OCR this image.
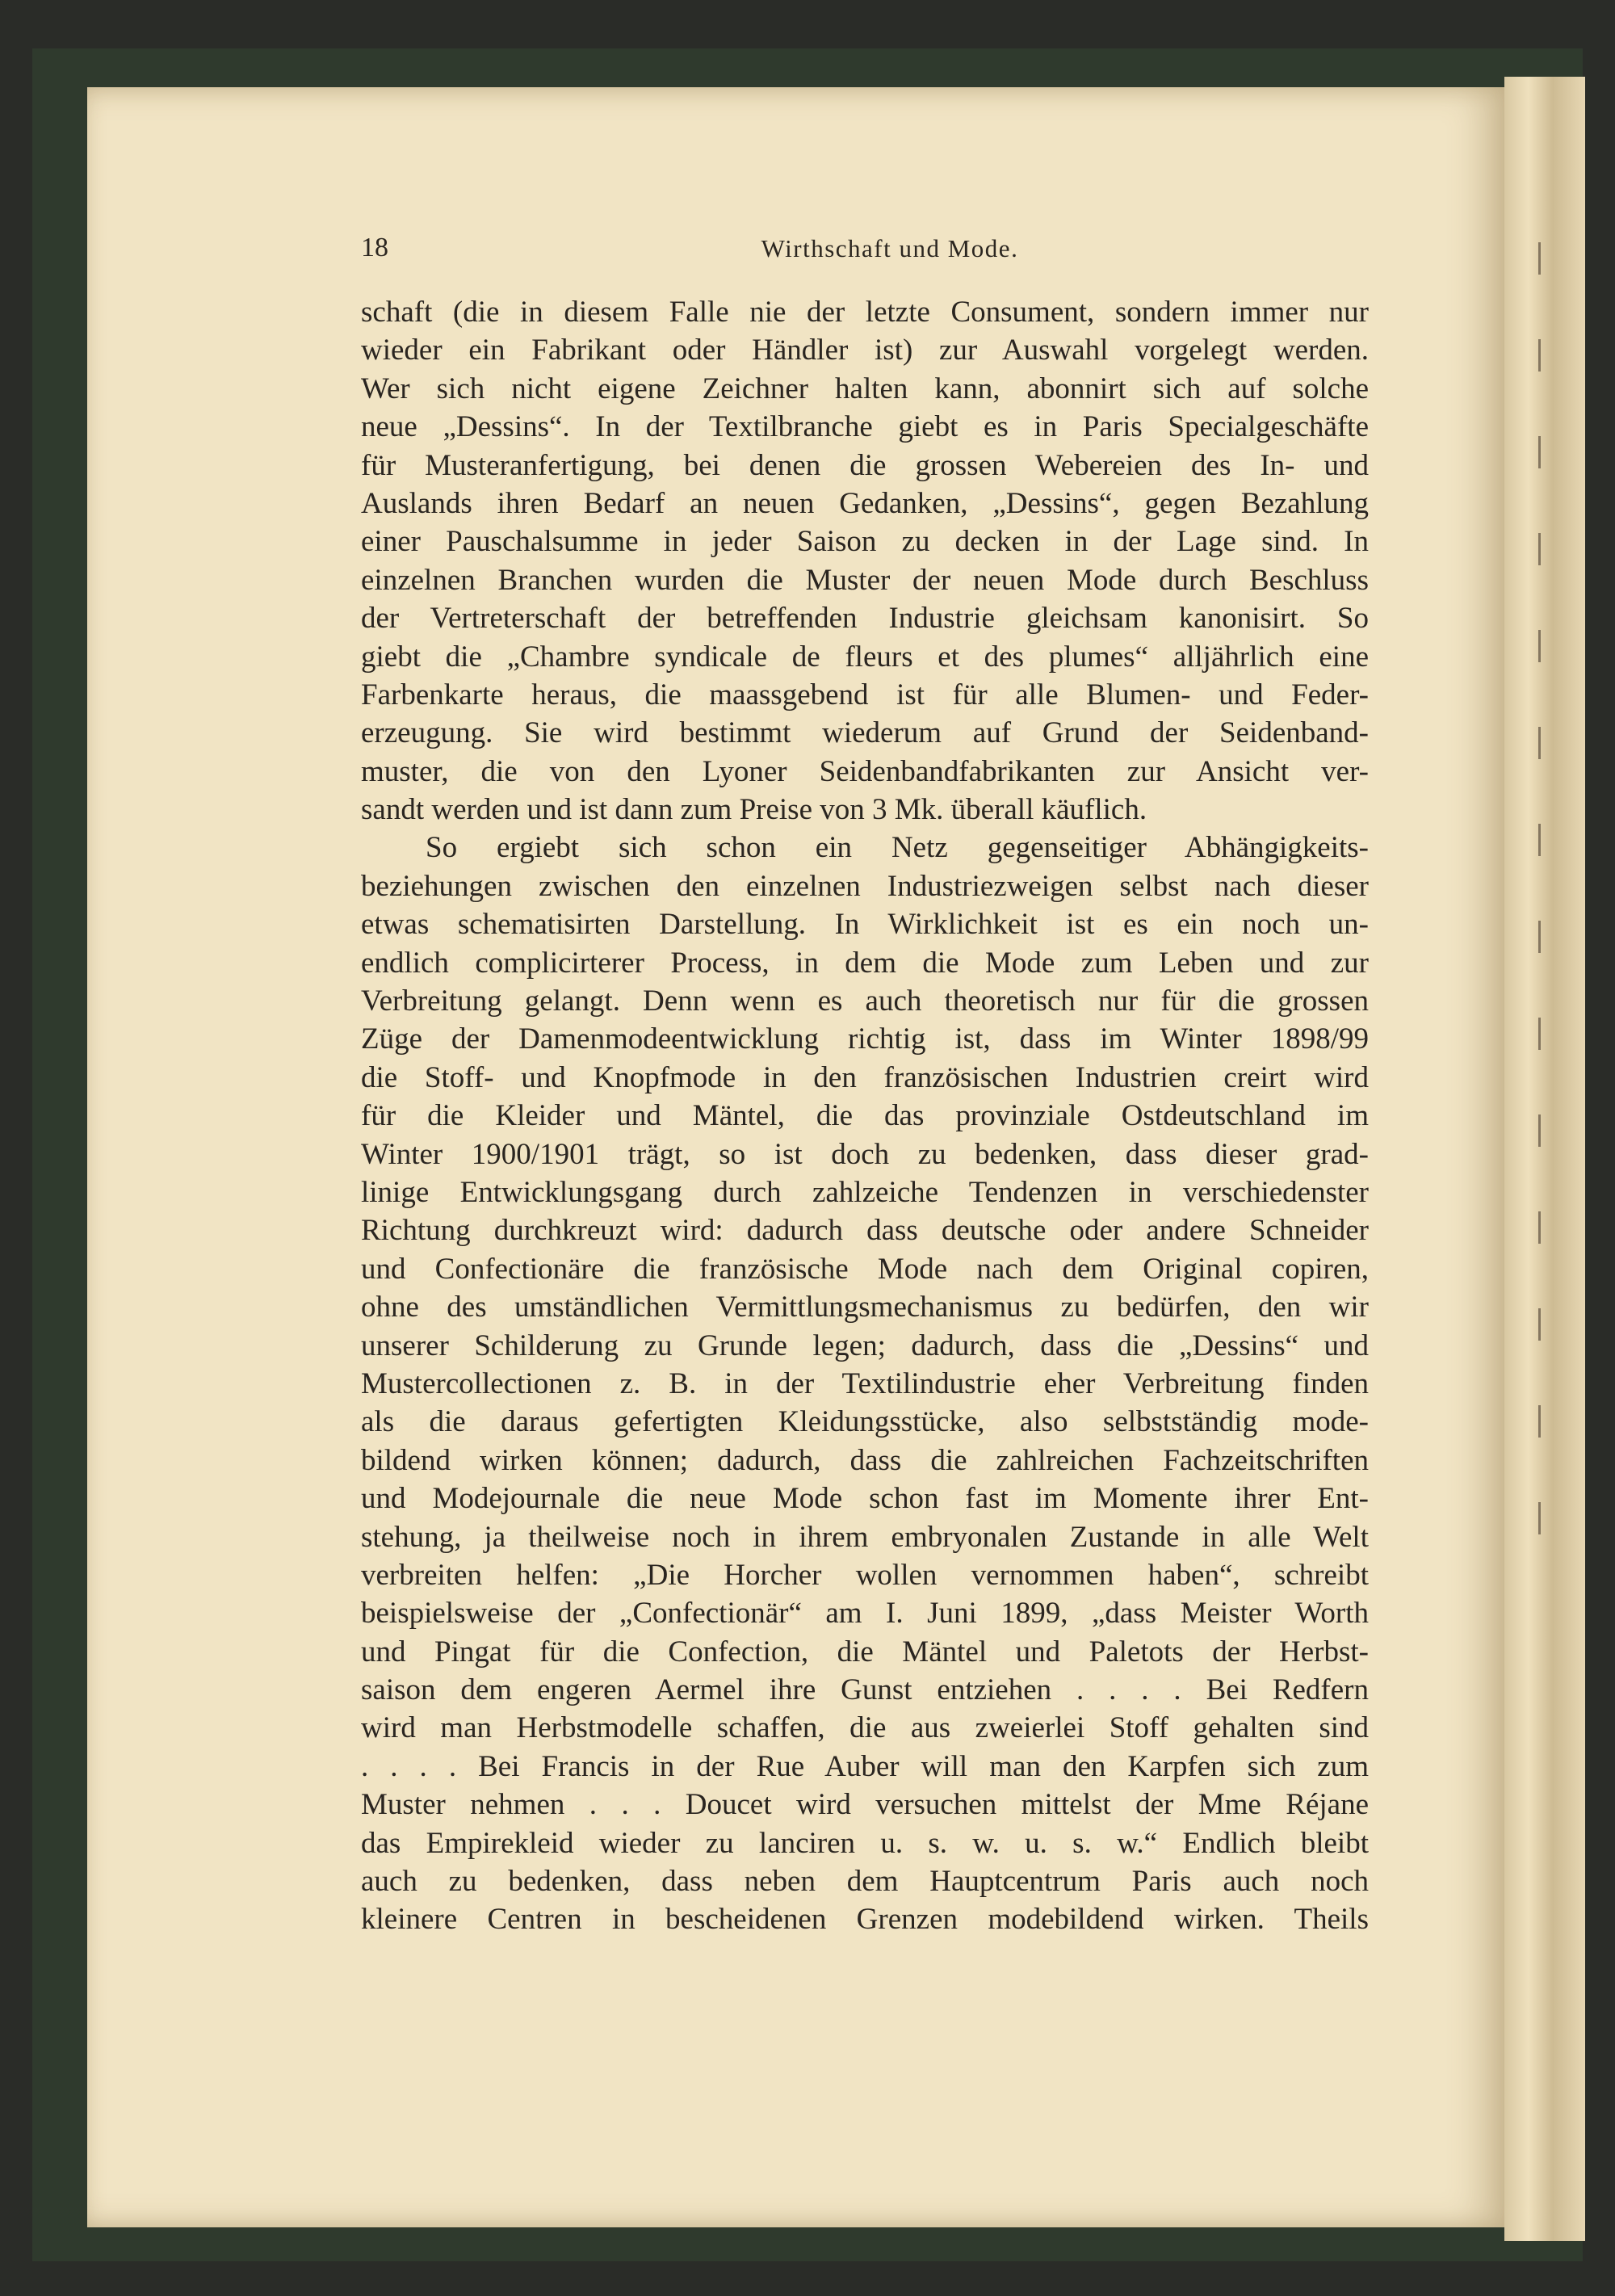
18	Wirthschaft und Mode.
schaft (die in diesem Falle nie der letzte Consument, sondern immer nur
wieder ein Fabrikant oder Händler ist) zur Auswahl vorgelegt werden.
Wer sich nicht eigene Zeichner halten kann, abonnirt sich auf solche
neue „Dessins“. In der Textilbranche giebt es in Paris Specialgeschäfte
für Musteranfertigung, bei denen die grossen Webereien des In- und
Auslands ihren Bedarf an neuen Gedanken, „Dessins“, gegen Bezahlung
einer Pauschalsumme in jeder Saison zu decken in der Lage sind. In
einzelnen Branchen wurden die Muster der neuen Mode durch Beschluss
der Vertreterschaft der betreffenden Industrie gleichsam kanonisirt. So
giebt die „Chambre syndicale de fleurs et des plumes“ alljährlich eine
Farbenkarte heraus, die maassgebend ist für alle Blumen- und Feder-
erzeugung. Sie wird bestimmt wiederum auf Grund der Seidenband-
muster, die von den Lyoner Seidenbandfabrikanten zur Ansicht ver-
sandt werden und ist dann zum Preise von 3 Mk. überall käuflich.
So ergiebt sich schon ein Netz gegenseitiger Abhängigkeits-
beziehungen zwischen den einzelnen Industriezweigen selbst nach dieser
etwas schematisirten Darstellung. In Wirklichkeit ist es ein noch un-
endlich complicirterer Process, in dem die Mode zum Leben und zur
Verbreitung gelangt. Denn wenn es auch theoretisch nur für die grossen
Züge der Damenmodeentwicklung richtig ist, dass im Winter 1898/99
die Stoff- und Knopfmode in den französischen Industrien creirt wird
für die Kleider und Mäntel, die das provinziale Ostdeutschland im
Winter 1900/1901 trägt, so ist doch zu bedenken, dass dieser grad-
linige Entwicklungsgang durch zahlzeiche Tendenzen in verschiedenster
Richtung durchkreuzt wird: dadurch dass deutsche oder andere Schneider
und Confectionäre die französische Mode nach dem Original copiren,
ohne des umständlichen Vermittlungsmechanismus zu bedürfen, den wir
unserer Schilderung zu Grunde legen; dadurch, dass die „Dessins“ und
Mustercollectionen z. B. in der Textilindustrie eher Verbreitung finden
als die daraus gefertigten Kleidungsstücke, also selbstständig mode-
bildend wirken können; dadurch, dass die zahlreichen Fachzeitschriften
und Modejournale die neue Mode schon fast im Momente ihrer Ent-
stehung, ja theilweise noch in ihrem embryonalen Zustande in alle Welt
verbreiten helfen: „Die Horcher wollen vernommen haben“, schreibt
beispielsweise der „Confectionär“ am I. Juni 1899, „dass Meister Worth
und Pingat für die Confection, die Mäntel und Paletots der Herbst-
saison dem engeren Aermel ihre Gunst entziehen . . . . Bei Redfern
wird man Herbstmodelle schaffen, die aus zweierlei Stoff gehalten sind
. . . . Bei Francis in der Rue Auber will man den Karpfen sich zum
Muster nehmen . . . Doucet wird versuchen mittelst der Mme Réjane
das Empirekleid wieder zu lanciren u. s. w. u. s. w.“ Endlich bleibt
auch zu bedenken, dass neben dem Hauptcentrum Paris auch noch
kleinere Centren in bescheidenen Grenzen modebildend wirken. Theils
